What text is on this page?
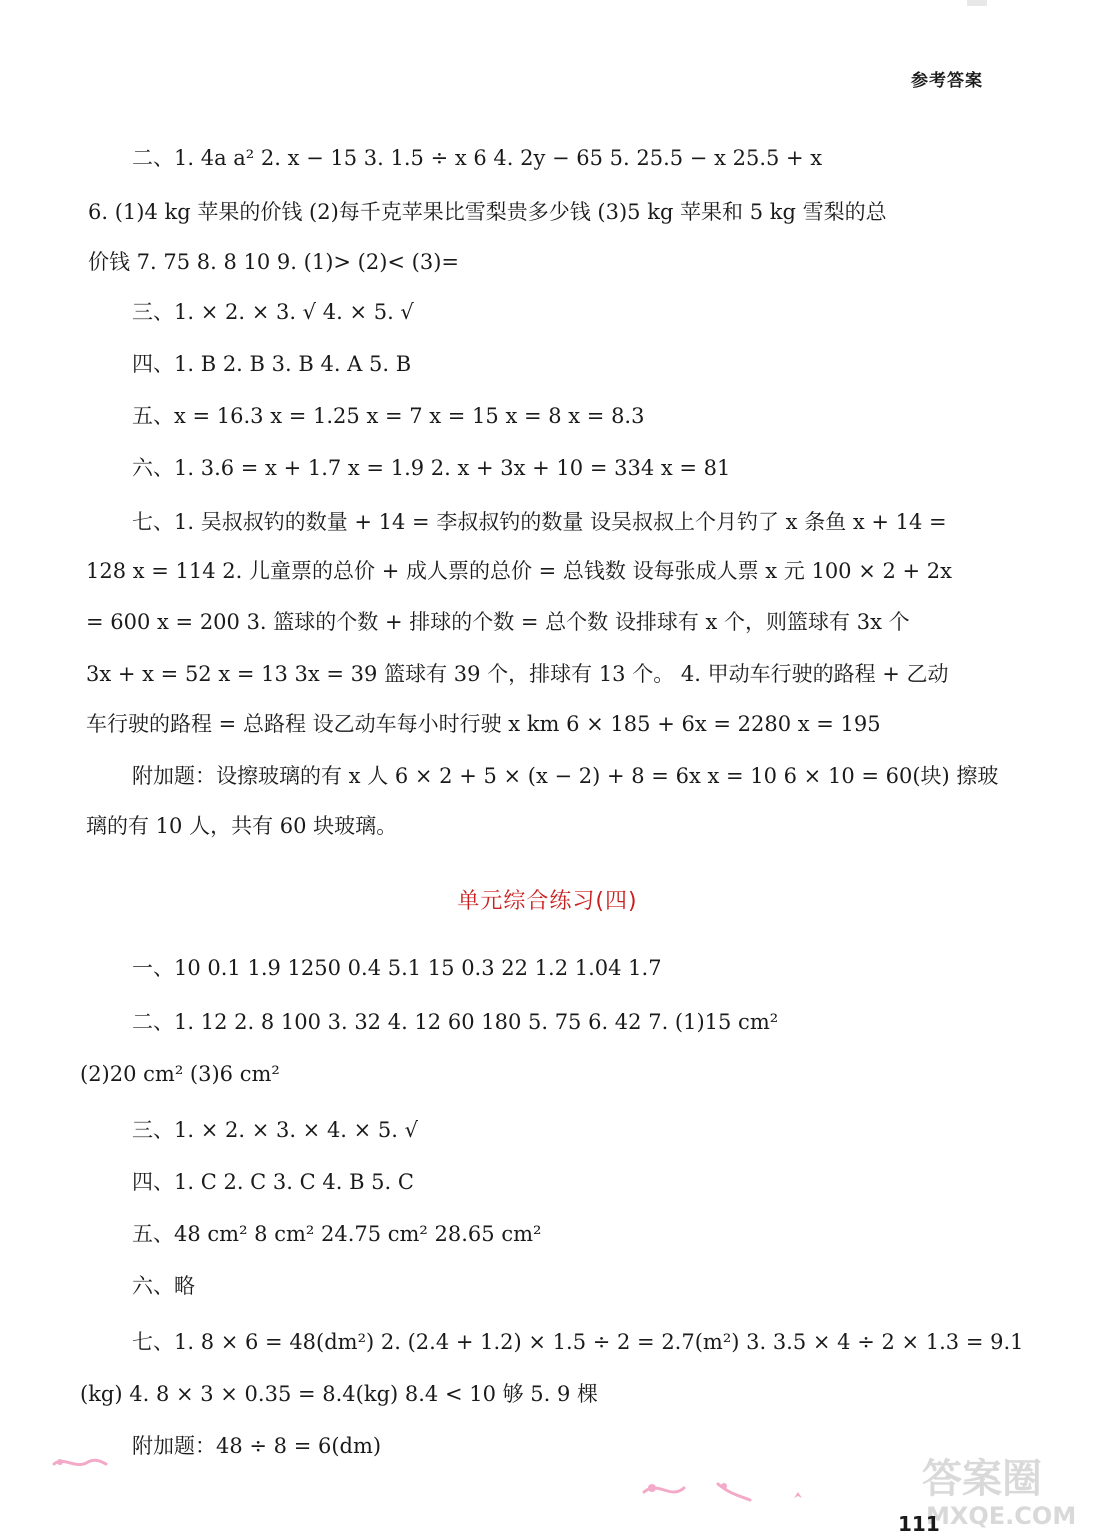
参考答案
二、1. 4a a² 2. x − 15 3. 1.5 ÷ x 6 4. 2y − 65 5. 25.5 − x 25.5 + x
6. (1)4 kg 苹果的价钱 (2)每千克苹果比雪梨贵多少钱 (3)5 kg 苹果和 5 kg 雪梨的总
价钱 7. 75 8. 8 10 9. (1)> (2)< (3)=
三、1. × 2. × 3. √ 4. × 5. √
四、1. B 2. B 3. B 4. A 5. B
五、x = 16.3 x = 1.25 x = 7 x = 15 x = 8 x = 8.3
六、1. 3.6 = x + 1.7 x = 1.9 2. x + 3x + 10 = 334 x = 81
七、1. 吴叔叔钓的数量 + 14 = 李叔叔钓的数量 设吴叔叔上个月钓了 x 条鱼 x + 14 =
128 x = 114 2. 儿童票的总价 + 成人票的总价 = 总钱数 设每张成人票 x 元 100 × 2 + 2x
= 600 x = 200 3. 篮球的个数 + 排球的个数 = 总个数 设排球有 x 个，则篮球有 3x 个
3x + x = 52 x = 13 3x = 39 篮球有 39 个，排球有 13 个。 4. 甲动车行驶的路程 + 乙动
车行驶的路程 = 总路程 设乙动车每小时行驶 x km 6 × 185 + 6x = 2280 x = 195
附加题：设擦玻璃的有 x 人 6 × 2 + 5 × (x − 2) + 8 = 6x x = 10 6 × 10 = 60(块) 擦玻
璃的有 10 人，共有 60 块玻璃。
单元综合练习(四)
一、10 0.1 1.9 1250 0.4 5.1 15 0.3 22 1.2 1.04 1.7
二、1. 12 2. 8 100 3. 32 4. 12 60 180 5. 75 6. 42 7. (1)15 cm²
(2)20 cm² (3)6 cm²
三、1. × 2. × 3. × 4. × 5. √
四、1. C 2. C 3. C 4. B 5. C
五、48 cm² 8 cm² 24.75 cm² 28.65 cm²
六、略
七、1. 8 × 6 = 48(dm²) 2. (2.4 + 1.2) × 1.5 ÷ 2 = 2.7(m²) 3. 3.5 × 4 ÷ 2 × 1.3 = 9.1
(kg) 4. 8 × 3 × 0.35 = 8.4(kg) 8.4 < 10 够 5. 9 棵
附加题：48 ÷ 8 = 6(dm)
答案圈
MXQE.COM
111
